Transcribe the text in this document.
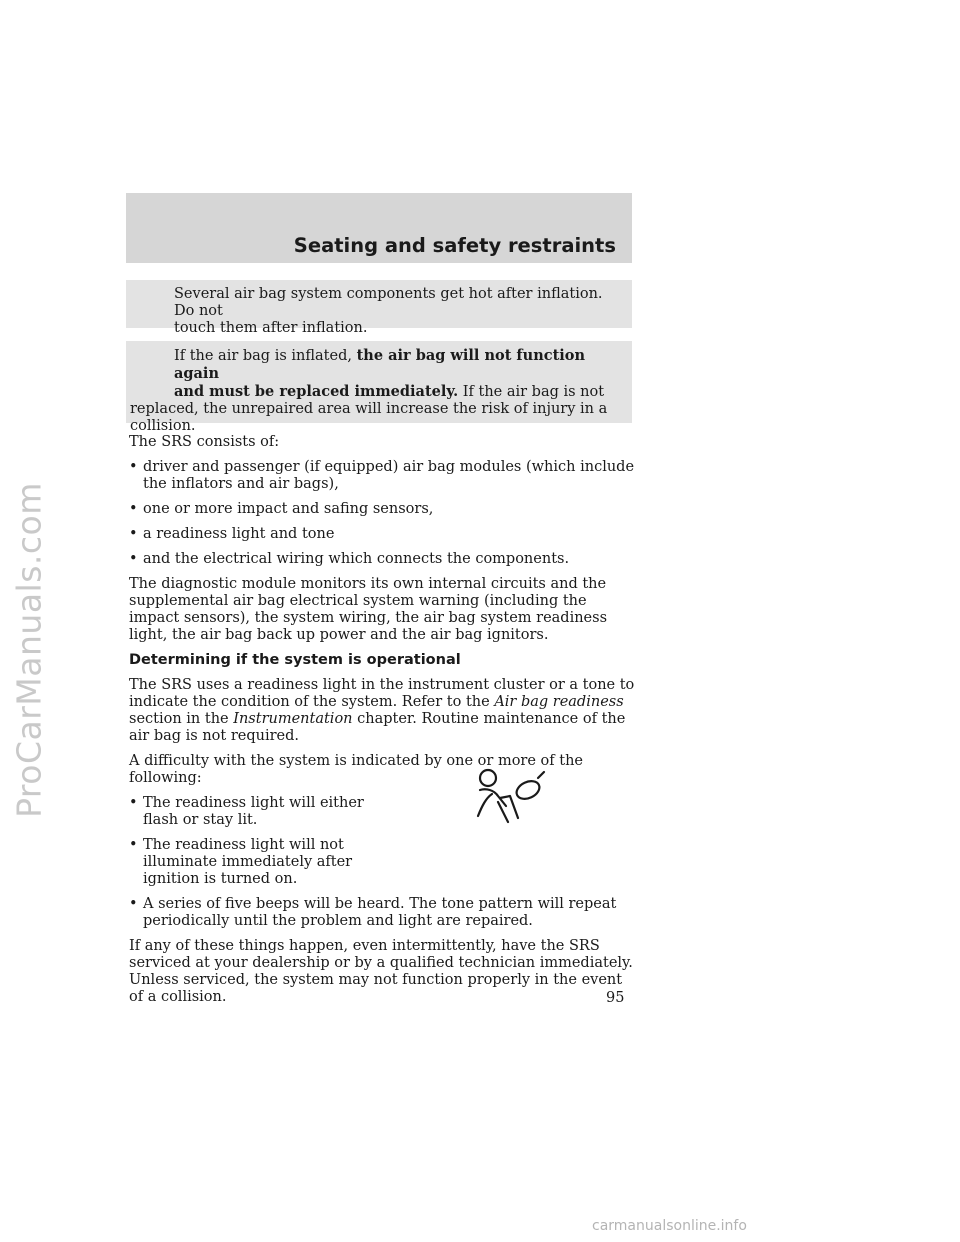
ProCarManuals.com
Seating and safety restraints
Several air bag system components get hot after inflation. Do not
touch them after inflation.
If the air bag is inflated, the air bag will not function again
and must be replaced immediately. If the air bag is not
replaced, the unrepaired area will increase the risk of injury in a
collision.

The SRS consists of:

• driver and passenger (if equipped) air bag modules (which include the inflators and air bags),
• one or more impact and safing sensors,
• a readiness light and tone
• and the electrical wiring which connects the components.

The diagnostic module monitors its own internal circuits and the supplemental air bag electrical system warning (including the impact sensors), the system wiring, the air bag system readiness light, the air bag back up power and the air bag ignitors.

Determining if the system is operational

The SRS uses a readiness light in the instrument cluster or a tone to indicate the condition of the system. Refer to the Air bag readiness section in the Instrumentation chapter. Routine maintenance of the air bag is not required.

A difficulty with the system is indicated by one or more of the following:

• The readiness light will either flash or stay lit.
• The readiness light will not illuminate immediately after ignition is turned on.
• A series of five beeps will be heard. The tone pattern will repeat periodically until the problem and light are repaired.

If any of these things happen, even intermittently, have the SRS serviced at your dealership or by a qualified technician immediately. Unless serviced, the system may not function properly in the event of a collision.	95
carmanualsonline.info
